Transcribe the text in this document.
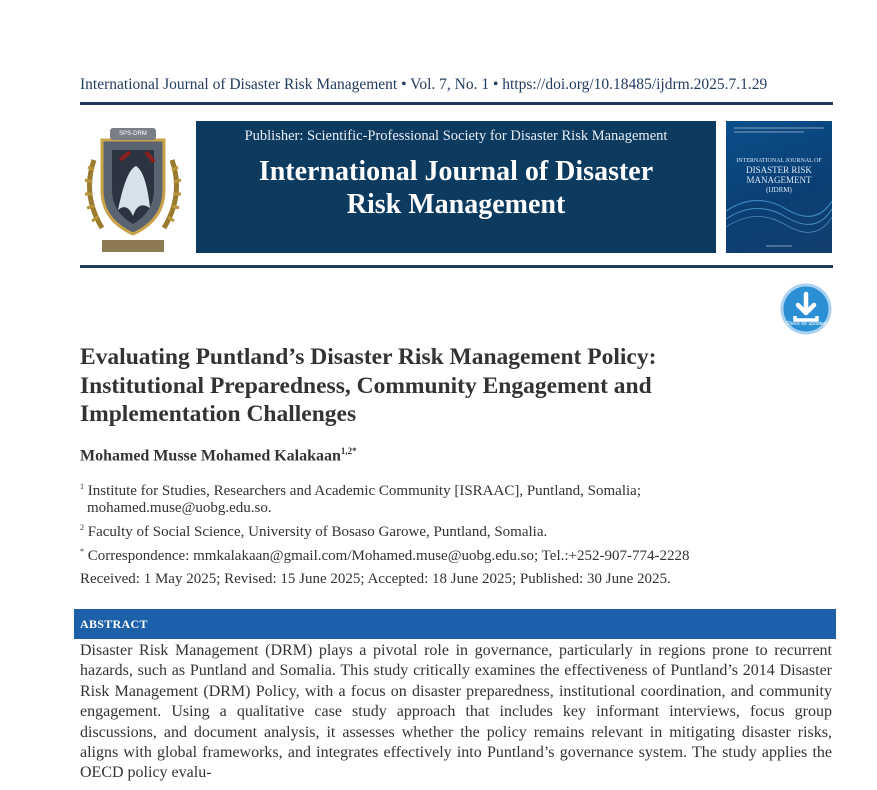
International Journal of Disaster Risk Management • Vol. 7, No. 1 • https://doi.org/10.18485/ijdrm.2025.7.1.29
SPS-DRM	Publisher: Scientific-Professional Society for Disaster Risk Management
International Journal of Disaster
Risk Management
INTERNATIONAL JOURNAL OF
DISASTER RISK
MANAGEMENT
(IJDRM)
Check for updates
Evaluating Puntland’s Disaster Risk Management Policy:
Institutional Preparedness, Community Engagement and
Implementation Challenges
Mohamed Musse Mohamed Kalakaan$^{1,2*}$
$^1$ Institute for Studies, Researchers and Academic Community [ISRAAC], Puntland, Somalia;
mohamed.muse@uobg.edu.so.
$^2$ Faculty of Social Science, University of Bosaso Garowe, Puntland, Somalia.
* Correspondence: mmkalakaan@gmail.com/Mohamed.muse@uobg.edu.so; Tel.:+252-907-774-2228
Received: 1 May 2025; Revised: 15 June 2025; Accepted: 18 June 2025; Published: 30 June 2025.
ABSTRACT
Disaster Risk Management (DRM) plays a pivotal role in governance, particularly in regions prone to recurrent hazards, such as Puntland and Somalia. This study critically examines the effectiveness of Puntland’s 2014 Disaster Risk Management (DRM) Policy, with a focus on disaster preparedness, institutional coordination, and community engagement. Using a qualitative case study approach that includes key informant interviews, focus group discussions, and document analysis, it assesses whether the policy remains relevant in mitigating disaster risks, aligns with global frameworks, and integrates effectively into Puntland’s governance system. The study applies the OECD policy evalu-
